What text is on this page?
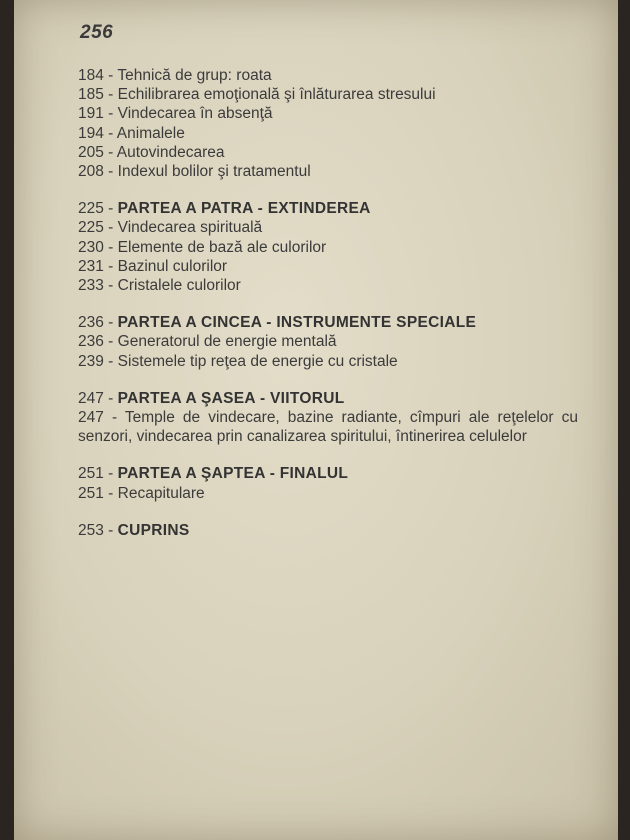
256
184 - Tehnică de grup: roata
185 - Echilibrarea emoţională şi înlăturarea stresului
191 - Vindecarea în absenţă
194 - Animalele
205 - Autovindecarea
208 - Indexul bolilor şi tratamentul
225 - PARTEA A PATRA - EXTINDEREA
225 - Vindecarea spirituală
230 - Elemente de bază ale culorilor
231 - Bazinul culorilor
233 - Cristalele culorilor
236 - PARTEA A CINCEA - INSTRUMENTE SPECIALE
236 - Generatorul de energie mentală
239 - Sistemele tip reţea de energie cu cristale
247 - PARTEA A ŞASEA - VIITORUL
247 - Temple de vindecare, bazine radiante, cîmpuri ale reţelelor cu senzori, vindecarea prin canalizarea spiritului, întinerirea celulelor
251 - PARTEA A ŞAPTEA - FINALUL
251 - Recapitulare
253 - CUPRINS
